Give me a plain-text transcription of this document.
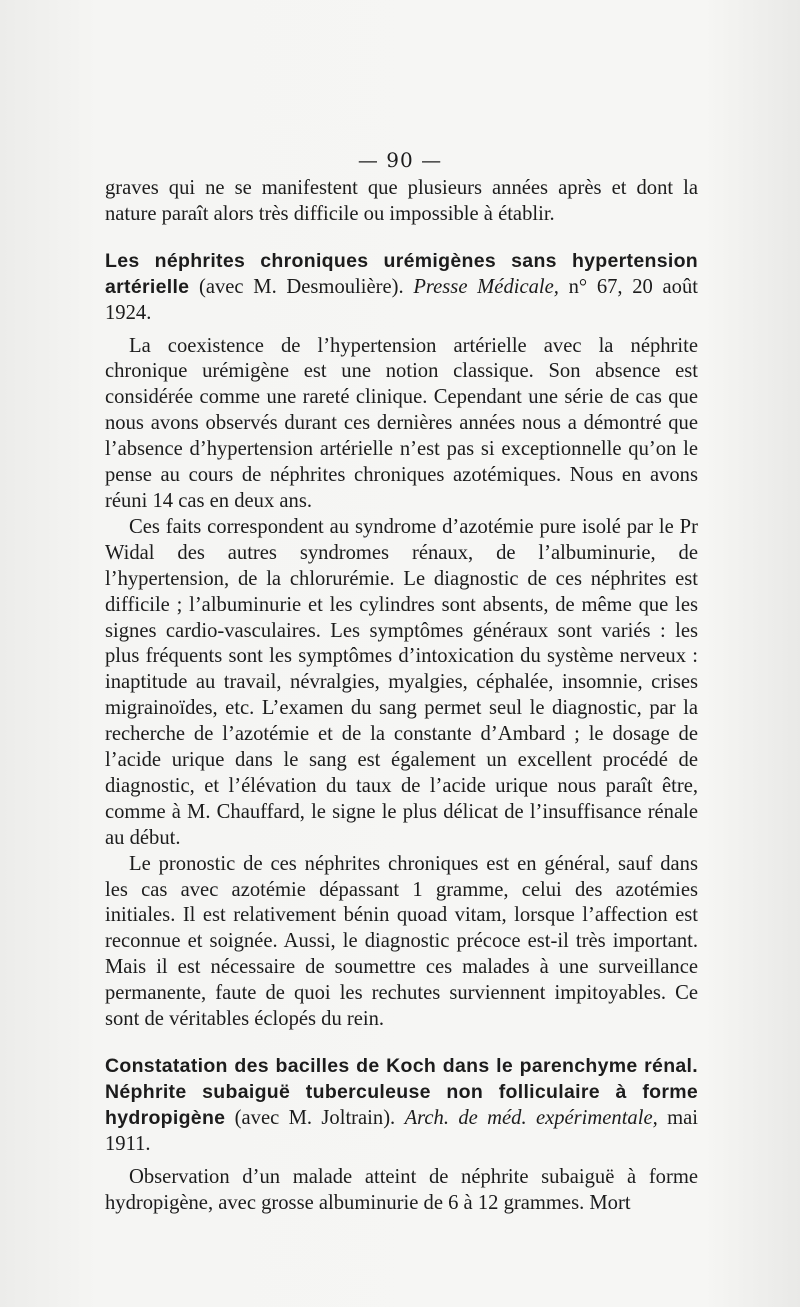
— 90 —

graves qui ne se manifestent que plusieurs années après et dont la nature paraît alors très difficile ou impossible à établir.

Les néphrites chroniques urémigènes sans hypertension artérielle (avec M. Desmoulière). Presse Médicale, n° 67, 20 août 1924.

La coexistence de l’hypertension artérielle avec la néphrite chronique urémigène est une notion classique. Son absence est considérée comme une rareté clinique. Cependant une série de cas que nous avons observés durant ces dernières années nous a démontré que l’absence d’hypertension artérielle n’est pas si exceptionnelle qu’on le pense au cours de néphrites chroniques azotémiques. Nous en avons réuni 14 cas en deux ans.

Ces faits correspondent au syndrome d’azotémie pure isolé par le Pr Widal des autres syndromes rénaux, de l’albuminurie, de l’hypertension, de la chlorurémie. Le diagnostic de ces néphrites est difficile ; l’albuminurie et les cylindres sont absents, de même que les signes cardio-vasculaires. Les symptômes généraux sont variés : les plus fréquents sont les symptômes d’intoxication du système nerveux : inaptitude au travail, névralgies, myalgies, céphalée, insomnie, crises migrainoïdes, etc. L’examen du sang permet seul le diagnostic, par la recherche de l’azotémie et de la constante d’Ambard ; le dosage de l’acide urique dans le sang est également un excellent procédé de diagnostic, et l’élévation du taux de l’acide urique nous paraît être, comme à M. Chauffard, le signe le plus délicat de l’insuffisance rénale au début.

Le pronostic de ces néphrites chroniques est en général, sauf dans les cas avec azotémie dépassant 1 gramme, celui des azotémies initiales. Il est relativement bénin quoad vitam, lorsque l’affection est reconnue et soignée. Aussi, le diagnostic précoce est-il très important. Mais il est nécessaire de soumettre ces malades à une surveillance permanente, faute de quoi les rechutes surviennent impitoyables. Ce sont de véritables éclopés du rein.

Constatation des bacilles de Koch dans le parenchyme rénal. Néphrite subaiguë tuberculeuse non folliculaire à forme hydropigène (avec M. Joltrain). Arch. de méd. expérimentale, mai 1911.

Observation d’un malade atteint de néphrite subaiguë à forme hydropigène, avec grosse albuminurie de 6 à 12 grammes. Mort
